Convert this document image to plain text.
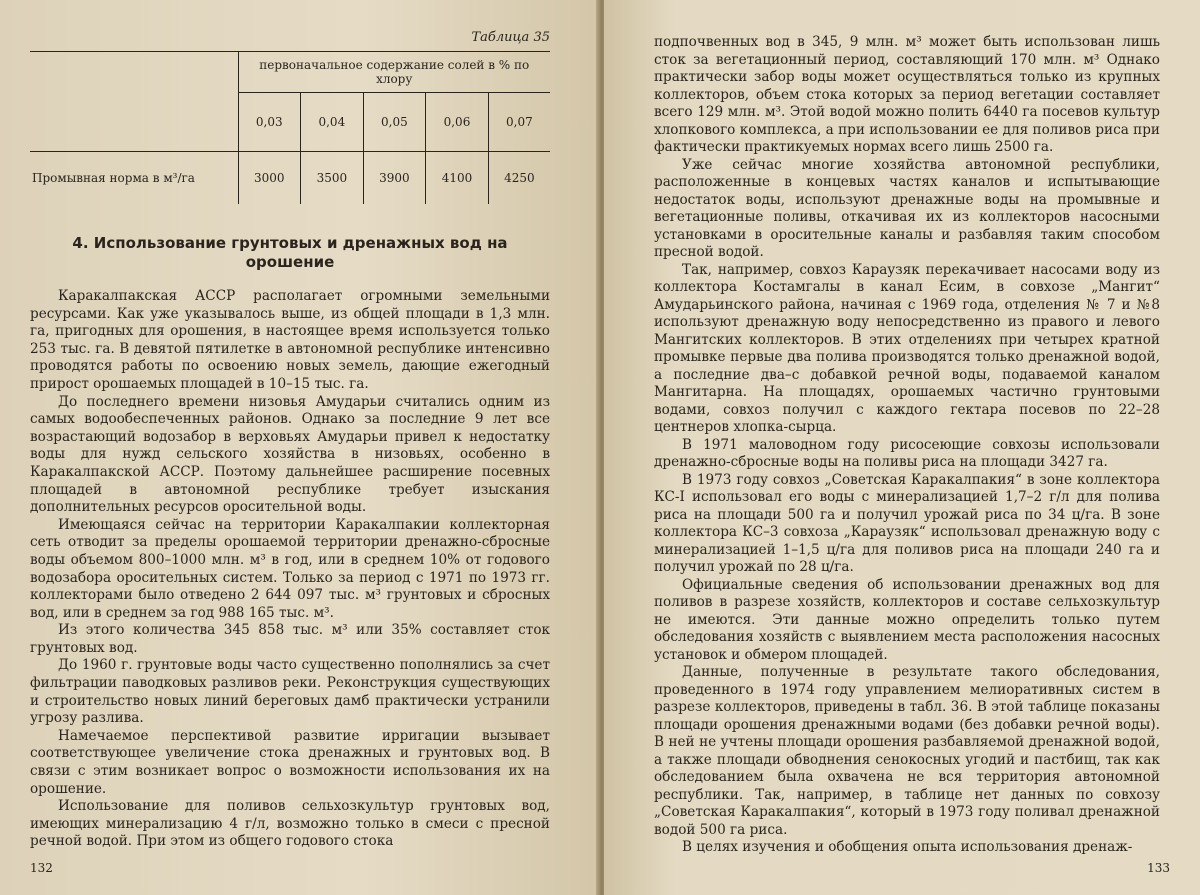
Таблица 35

	первоначальное содержание солей в % по хлору				
	0,03	0,04	0,05	0,06	0,07
Промывная норма в м³/га	3000	3500	3900	4100	4250
4. Использование грунтовых и дренажных вод на орошение

Каракалпакская АССР располагает огромными земельными ресурсами. Как уже указывалось выше, из общей площади в 1,3 млн. га, пригодных для орошения, в настоящее время используется только 253 тыс. га. В девятой пятилетке в автономной республике интенсивно проводятся работы по освоению новых земель, дающие ежегодный прирост орошаемых площадей в 10–15 тыс. га.

До последнего времени низовья Амударьи считались одним из самых водообеспеченных районов. Однако за последние 9 лет все возрастающий водозабор в верховьях Амударьи привел к недостатку воды для нужд сельского хозяйства в низовьях, особенно в Каракалпакской АССР. Поэтому дальнейшее расширение посевных площадей в автономной республике требует изыскания дополнительных ресурсов оросительной воды.

Имеющаяся сейчас на территории Каракалпакии коллекторная сеть отводит за пределы орошаемой территории дренажно-сбросные воды объемом 800–1000 млн. м³ в год, или в среднем 10% от годового водозабора оросительных систем. Только за период с 1971 по 1973 гг. коллекторами было отведено 2 644 097 тыс. м³ грунтовых и сбросных вод, или в среднем за год 988 165 тыс. м³.

Из этого количества 345 858 тыс. м³ или 35% составляет сток грунтовых вод.

До 1960 г. грунтовые воды часто существенно пополнялись за счет фильтрации паводковых разливов реки. Реконструкция существующих и строительство новых линий береговых дамб практически устранили угрозу разлива.

Намечаемое перспективой развитие ирригации вызывает соответствующее увеличение стока дренажных и грунтовых вод. В связи с этим возникает вопрос о возможности использования их на орошение.

Использование для поливов сельхозкультур грунтовых вод, имеющих минерализацию 4 г/л, возможно только в смеси с пресной речной водой. При этом из общего годового стока

132

подпочвенных вод в 345, 9 млн. м³ может быть использован лишь сток за вегетационный период, составляющий 170 млн. м³ Однако практически забор воды может осуществляться только из крупных коллекторов, объем стока которых за период вегетации составляет всего 129 млн. м³. Этой водой можно полить 6440 га посевов культур хлопкового комплекса, а при использовании ее для поливов риса при фактически практикуемых нормах всего лишь 2500 га.

Уже сейчас многие хозяйства автономной республики, расположенные в концевых частях каналов и испытывающие недостаток воды, используют дренажные воды на промывные и вегетационные поливы, откачивая их из коллекторов насосными установками в оросительные каналы и разбавляя таким способом пресной водой.

Так, например, совхоз Караузяк перекачивает насосами воду из коллектора Костамгалы в канал Есим, в совхозе „Мангит“ Амударьинского района, начиная с 1969 года, отделения № 7 и №8 используют дренажную воду непосредственно из правого и левого Мангитских коллекторов. В этих отделениях при четырех кратной промывке первые два полива производятся только дренажной водой, а последние два–с добавкой речной воды, подаваемой каналом Мангитарна. На площадях, орошаемых частично грунтовыми водами, совхоз получил с каждого гектара посевов по 22–28 центнеров хлопка-сырца.

В 1971 маловодном году рисосеющие совхозы использовали дренажно-сбросные воды на поливы риса на площади 3427 га.

В 1973 году совхоз „Советская Каракалпакия“ в зоне коллектора КС-I использовал его воды с минерализацией 1,7–2 г/л для полива риса на площади 500 га и получил урожай риса по 34 ц/га. В зоне коллектора КС–3 совхоза „Караузяк“ использовал дренажную воду с минерализацией 1–1,5 ц/га для поливов риса на площади 240 га и получил урожай по 28 ц/га.

Официальные сведения об использовании дренажных вод для поливов в разрезе хозяйств, коллекторов и составе сельхозкультур не имеются. Эти данные можно определить только путем обследования хозяйств с выявлением места расположения насосных установок и обмером площадей.

Данные, полученные в результате такого обследования, проведенного в 1974 году управлением мелиоративных систем в разрезе коллекторов, приведены в табл. 36. В этой таблице показаны площади орошения дренажными водами (без добавки речной воды). В ней не учтены площади орошения разбавляемой дренажной водой, а также площади обводнения сенокосных угодий и пастбищ, так как обследованием была охвачена не вся территория автономной республики. Так, например, в таблице нет данных по совхозу „Советская Каракалпакия“, который в 1973 году поливал дренажной водой 500 га риса.

В целях изучения и обобщения опыта использования дренаж-

133
